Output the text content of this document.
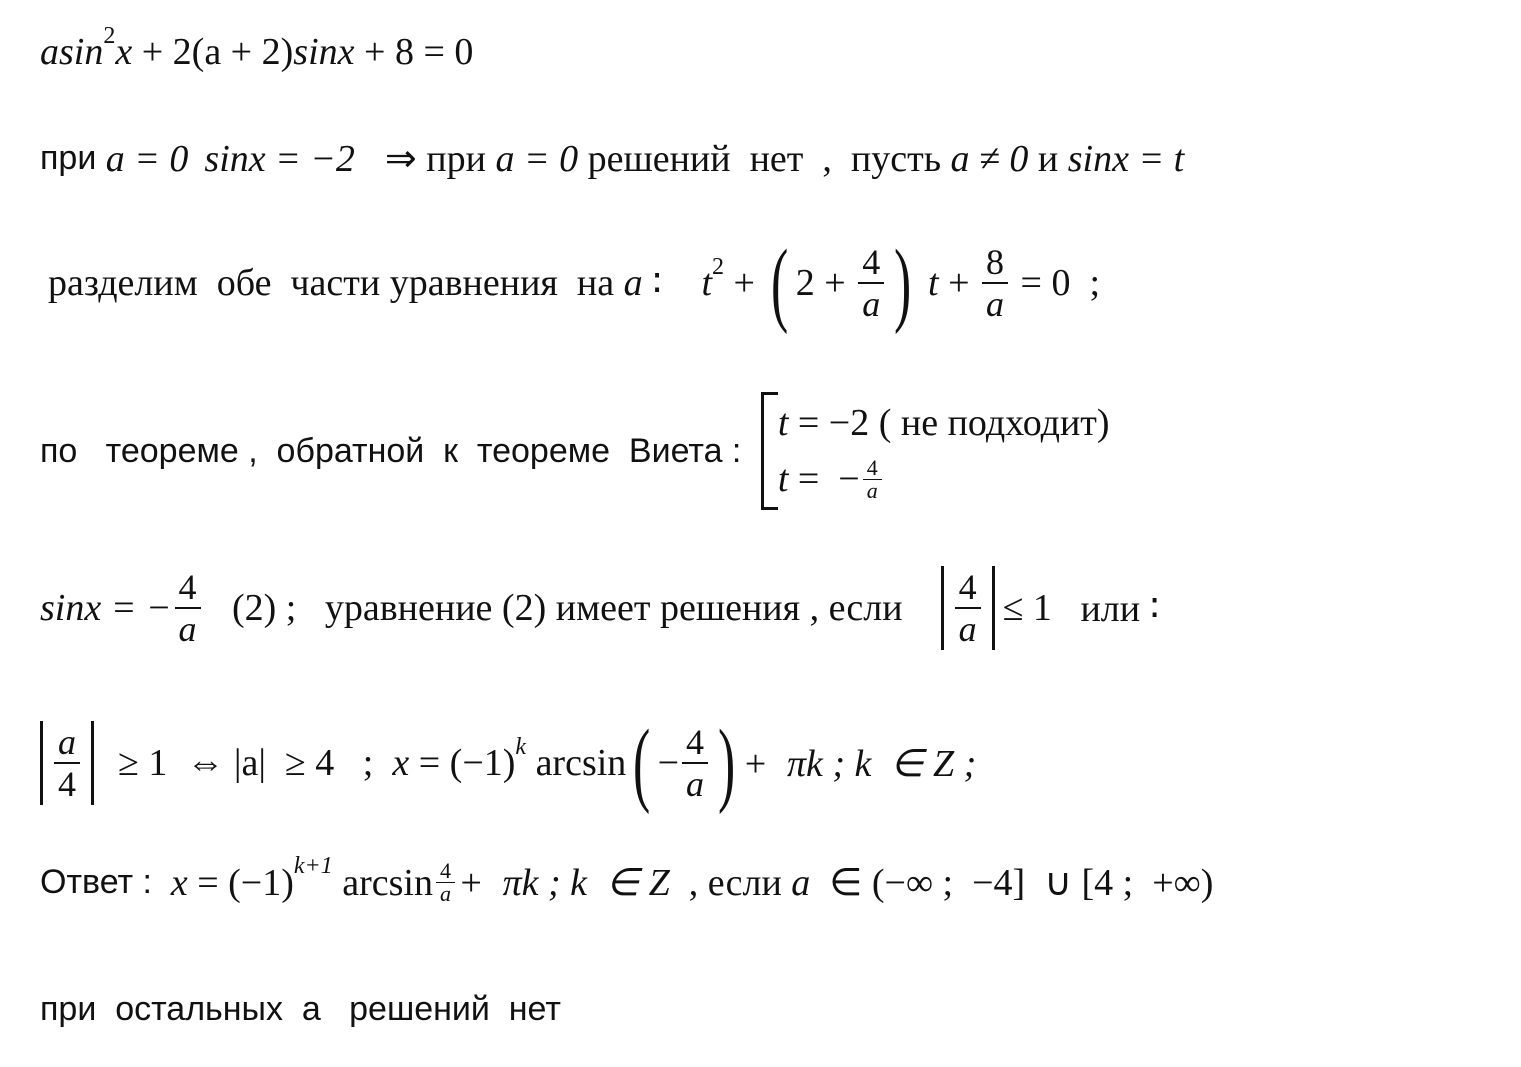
a sin 2 x + 2(a + 2) sin x + 8 = 0
при a = 0 sinx = −2 ⇒ при a = 0 решений  нет  ,  пусть a ≠ 0 и sinx = t
разделим  обе  части уравнения  на a ∶ t 2 + ( $2 + \frac{4}{a}$ ) $t + \frac{8}{a} = 0$  ;
по   теореме ,  обратной  к  теореме  Виета :
t = −2 ( не подходит)
t =  − $\frac{4}{a}$
sinx = − $\frac{4}{a} (2)$ ; уравнение (2) имеет решения , если $\frac{4}{a} \le 1$ или ∶
$\frac{a}{4} \ge 1$  ⇔ |a|  ≥ 4   ; x = (−1) k arcsin ( − $\frac{4}{a}$ ) +  πk ; k  ∈ Z ;
Ответ : x = (−1) k+1 $\arcsin \frac{4}{a} + \pi k$ ; k  ∈ Z , если a ∈ (−∞ ;  −4]  ∪ [4 ;  +∞)
при  остальных  а   решений  нет
